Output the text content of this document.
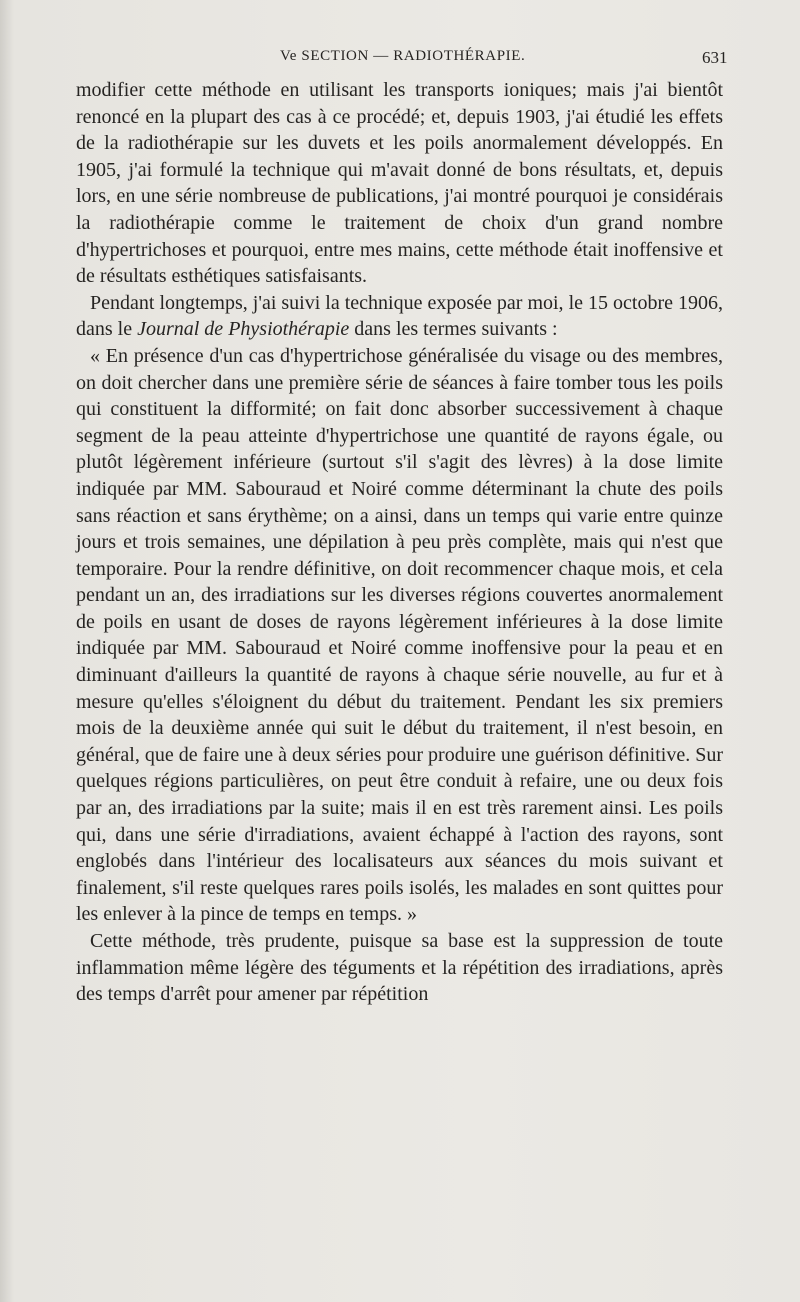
Ve SECTION — RADIOTHÉRAPIE.	631

modifier cette méthode en utilisant les transports ioniques; mais j'ai bientôt renoncé en la plupart des cas à ce procédé; et, depuis 1903, j'ai étudié les effets de la radiothérapie sur les duvets et les poils anormalement développés. En 1905, j'ai formulé la technique qui m'avait donné de bons résultats, et, depuis lors, en une série nombreuse de publications, j'ai montré pourquoi je considérais la radiothérapie comme le traitement de choix d'un grand nombre d'hypertrichoses et pourquoi, entre mes mains, cette méthode était inoffensive et de résultats esthétiques satisfaisants.

Pendant longtemps, j'ai suivi la technique exposée par moi, le 15 octobre 1906, dans le Journal de Physiothérapie dans les termes suivants :

« En présence d'un cas d'hypertrichose généralisée du visage ou des membres, on doit chercher dans une première série de séances à faire tomber tous les poils qui constituent la difformité; on fait donc absorber successivement à chaque segment de la peau atteinte d'hypertrichose une quantité de rayons égale, ou plutôt légèrement inférieure (surtout s'il s'agit des lèvres) à la dose limite indiquée par MM. Sabouraud et Noiré comme déterminant la chute des poils sans réaction et sans érythème; on a ainsi, dans un temps qui varie entre quinze jours et trois semaines, une dépilation à peu près complète, mais qui n'est que temporaire. Pour la rendre définitive, on doit recommencer chaque mois, et cela pendant un an, des irradiations sur les diverses régions couvertes anormalement de poils en usant de doses de rayons légèrement inférieures à la dose limite indiquée par MM. Sabouraud et Noiré comme inoffensive pour la peau et en diminuant d'ailleurs la quantité de rayons à chaque série nouvelle, au fur et à mesure qu'elles s'éloignent du début du traitement. Pendant les six premiers mois de la deuxième année qui suit le début du traitement, il n'est besoin, en général, que de faire une à deux séries pour produire une guérison définitive. Sur quelques régions particulières, on peut être conduit à refaire, une ou deux fois par an, des irradiations par la suite; mais il en est très rarement ainsi. Les poils qui, dans une série d'irradiations, avaient échappé à l'action des rayons, sont englobés dans l'intérieur des localisateurs aux séances du mois suivant et finalement, s'il reste quelques rares poils isolés, les malades en sont quittes pour les enlever à la pince de temps en temps. »

Cette méthode, très prudente, puisque sa base est la suppression de toute inflammation même légère des téguments et la répétition des irradiations, après des temps d'arrêt pour amener par répétition
